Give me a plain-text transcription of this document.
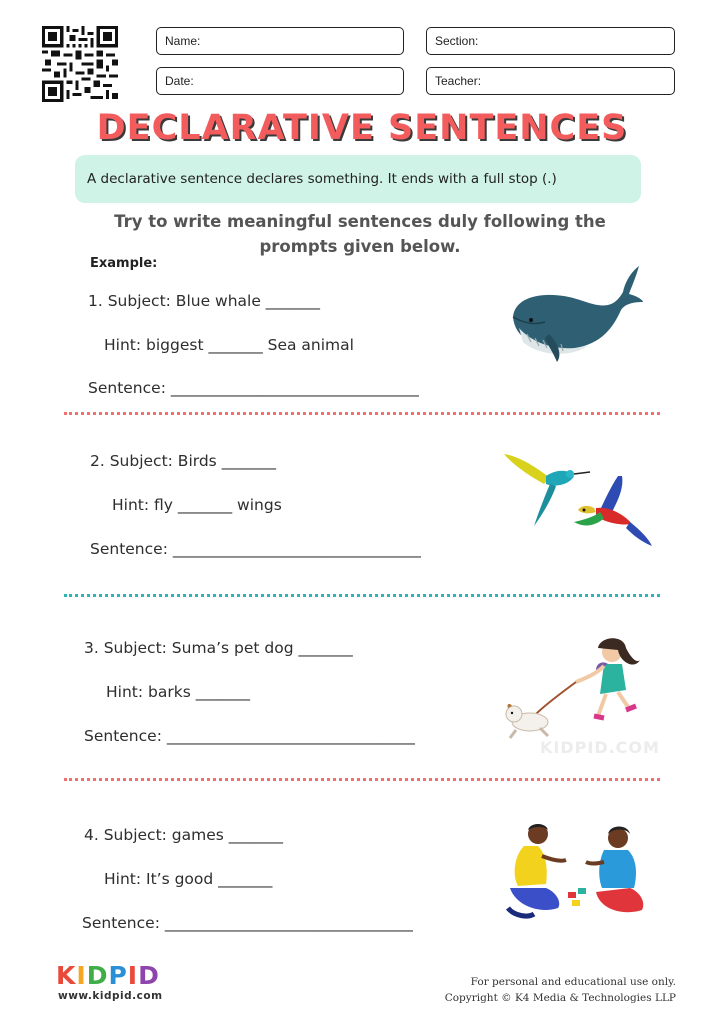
Name:	Section:
Date:	Teacher:
DECLARATIVE SENTENCES
A declarative sentence declares something. It ends with a full stop (.)
Try to write meaningful sentences duly following the prompts given below.
Example:
1. Subject: Blue whale _______
Hint: biggest _______ Sea animal
Sentence: ________________________________
2. Subject: Birds _______
Hint: fly _______ wings
Sentence: ________________________________
3. Subject: Suma’s pet dog _______
Hint: barks _______
Sentence: ________________________________
KIDPID.COM
4. Subject: games _______
Hint: It’s good _______
Sentence: ________________________________
KIDPID
www.kidpid.com
For personal and educational use only.
Copyright © K4 Media & Technologies LLP
